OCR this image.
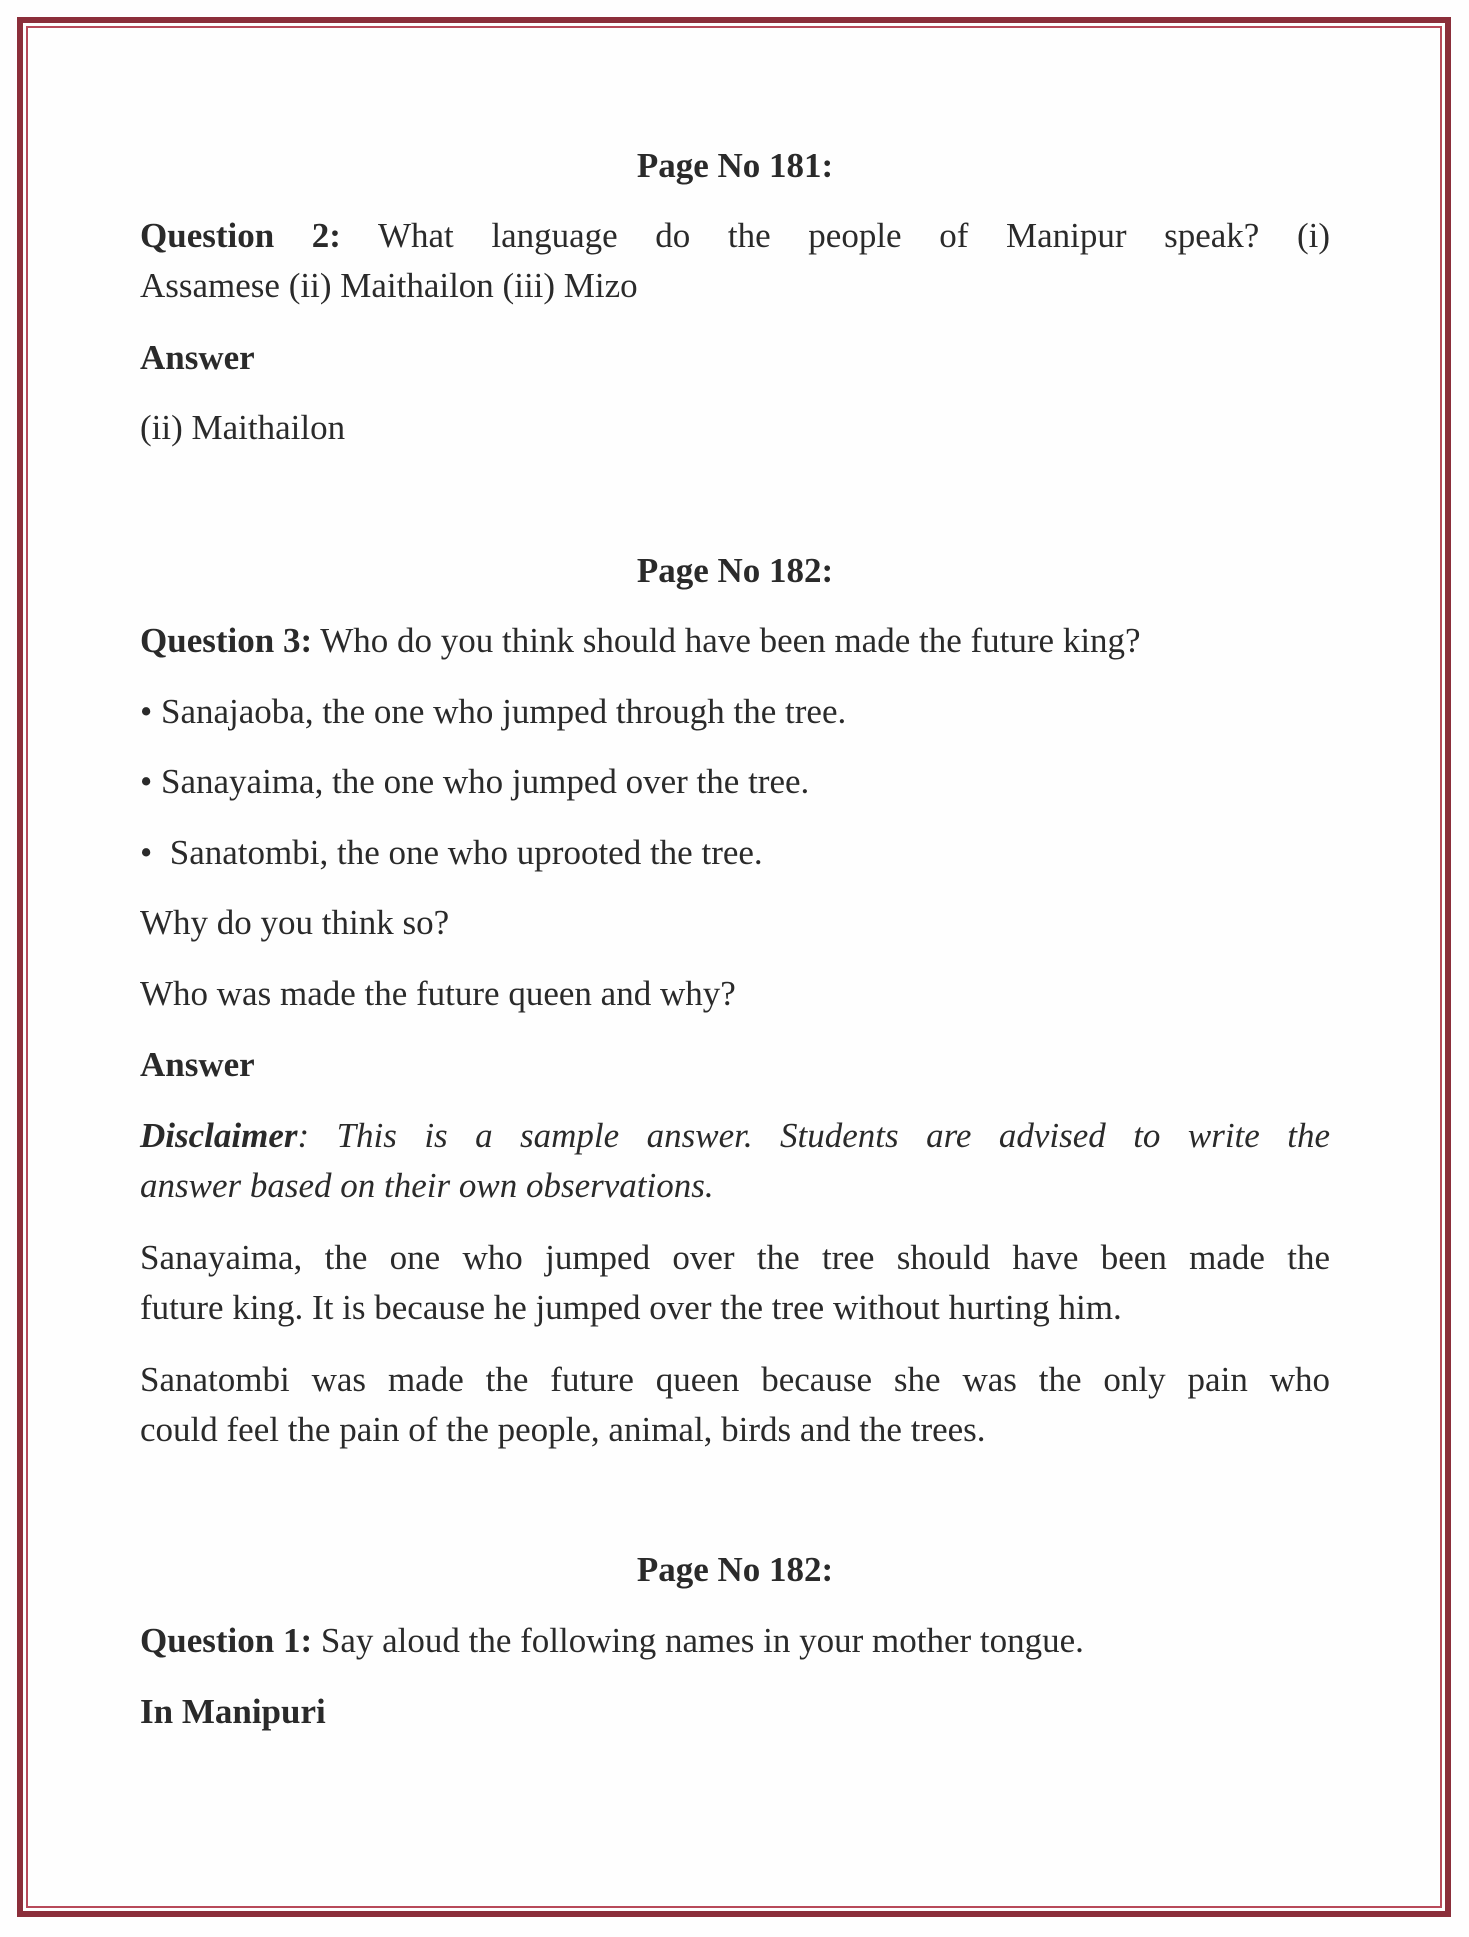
Page No 181:
Question 2: What language do the people of Manipur speak? (i)
Assamese (ii) Maithailon (iii) Mizo
Answer
(ii) Maithailon
Page No 182:
Question 3: Who do you think should have been made the future king?
• Sanajaoba, the one who jumped through the tree.
• Sanayaima, the one who jumped over the tree.
• Sanatombi, the one who uprooted the tree.
Why do you think so?
Who was made the future queen and why?
Answer
Disclaimer: This is a sample answer. Students are advised to write the
answer based on their own observations.
Sanayaima, the one who jumped over the tree should have been made the
future king. It is because he jumped over the tree without hurting him.
Sanatombi was made the future queen because she was the only pain who
could feel the pain of the people, animal, birds and the trees.
Page No 182:
Question 1: Say aloud the following names in your mother tongue.
In Manipuri
